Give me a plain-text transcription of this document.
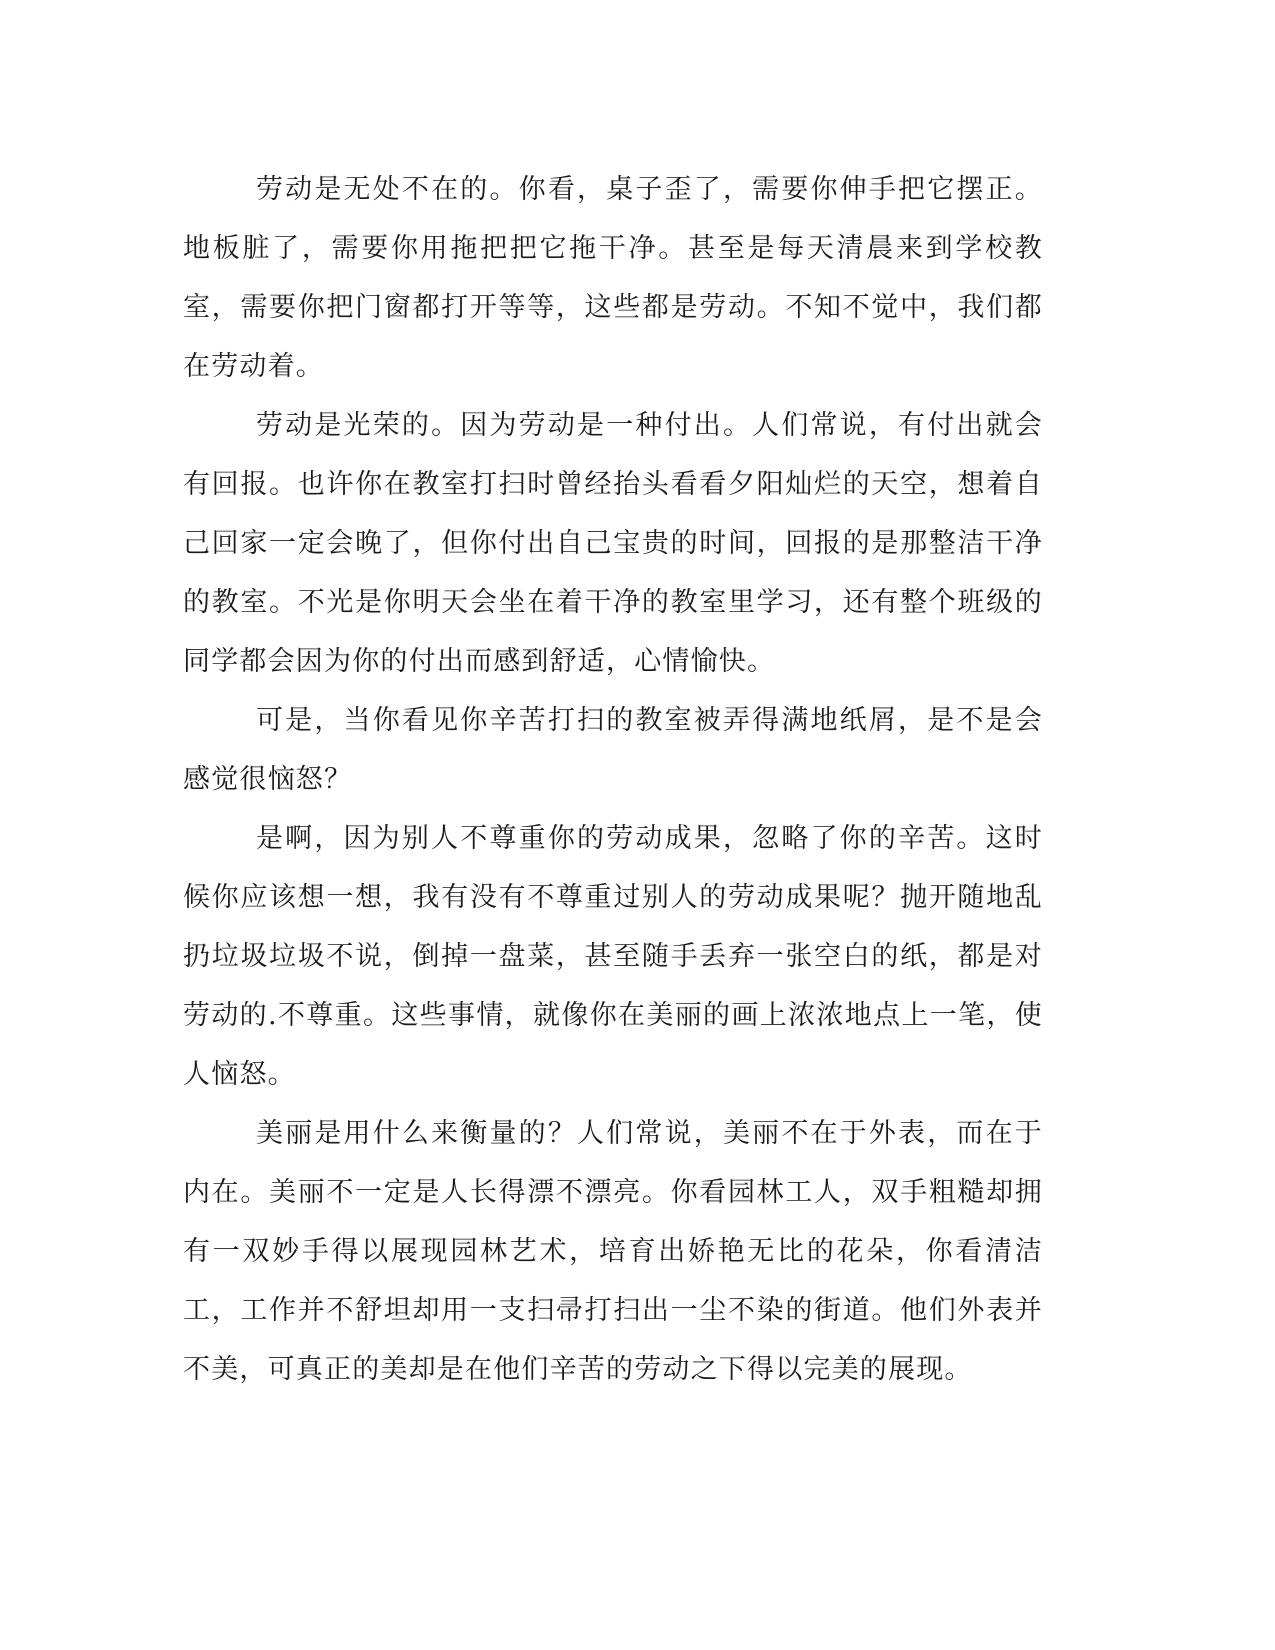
劳动是无处不在的。你看，桌子歪了，需要你伸手把它摆正。地板脏了，需要你用拖把把它拖干净。甚至是每天清晨来到学校教室，需要你把门窗都打开等等，这些都是劳动。不知不觉中，我们都在劳动着。

劳动是光荣的。因为劳动是一种付出。人们常说，有付出就会有回报。也许你在教室打扫时曾经抬头看看夕阳灿烂的天空，想着自己回家一定会晚了，但你付出自己宝贵的时间，回报的是那整洁干净的教室。不光是你明天会坐在着干净的教室里学习，还有整个班级的同学都会因为你的付出而感到舒适，心情愉快。

可是，当你看见你辛苦打扫的教室被弄得满地纸屑，是不是会感觉很恼怒？

是啊，因为别人不尊重你的劳动成果，忽略了你的辛苦。这时候你应该想一想，我有没有不尊重过别人的劳动成果呢？抛开随地乱扔垃圾垃圾不说，倒掉一盘菜，甚至随手丢弃一张空白的纸，都是对劳动的.不尊重。这些事情，就像你在美丽的画上浓浓地点上一笔，使人恼怒。

美丽是用什么来衡量的？人们常说，美丽不在于外表，而在于内在。美丽不一定是人长得漂不漂亮。你看园林工人，双手粗糙却拥有一双妙手得以展现园林艺术，培育出娇艳无比的花朵，你看清洁工，工作并不舒坦却用一支扫帚打扫出一尘不染的街道。他们外表并不美，可真正的美却是在他们辛苦的劳动之下得以完美的展现。
